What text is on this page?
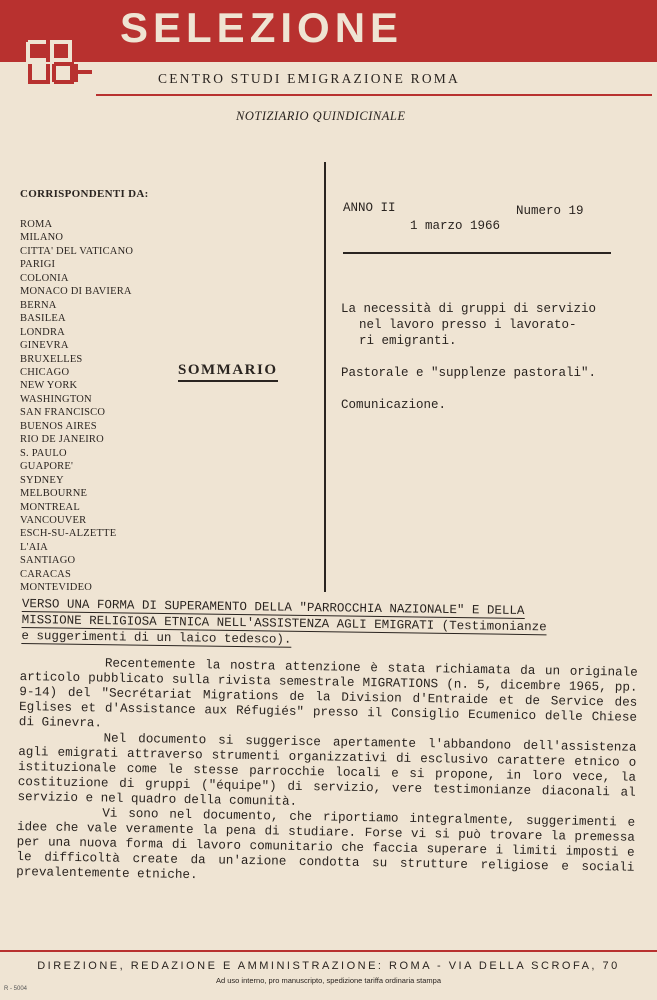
SELEZIONE
CENTRO STUDI EMIGRAZIONE ROMA
NOTIZIARIO QUINDICINALE
CORRISPONDENTI DA:
ROMA
MILANO
CITTA' DEL VATICANO
PARIGI
COLONIA
MONACO DI BAVIERA
BERNA
BASILEA
LONDRA
GINEVRA
BRUXELLES
CHICAGO
NEW YORK
WASHINGTON
SAN FRANCISCO
BUENOS AIRES
RIO DE JANEIRO
S. PAULO
GUAPORE'
SYDNEY
MELBOURNE
MONTREAL
VANCOUVER
ESCH-SU-ALZETTE
L'AIA
SANTIAGO
CARACAS
MONTEVIDEO
SOMMARIO
ANNO II	Numero 19
1 marzo 1966
La necessità di gruppi di servizio
nel lavoro presso i lavorato-
ri emigranti.
Pastorale e "supplenze pastorali".
Comunicazione.
VERSO UNA FORMA DI SUPERAMENTO DELLA "PARROCCHIA NAZIONALE" E DELLA
MISSIONE RELIGIOSA ETNICA NELL'ASSISTENZA AGLI EMIGRATI (Testimonianze
e suggerimenti di un laico tedesco).

Recentemente la nostra attenzione è stata richiamata da un originale articolo pubblicato sulla rivista semestrale MIGRATIONS (n. 5, dicembre 1965, pp. 9-14) del "Secrétariat Migrations de la Division d'Entraide et de Service des Eglises et d'Assistance aux Réfugiés" presso il Consiglio Ecumenico delle Chiese di Ginevra.

Nel documento si suggerisce apertamente l'abbandono dell'assistenza agli emigrati attraverso strumenti organizzativi di esclusivo carattere etnico o istituzionale come le stesse parrocchie locali e si propone, in loro vece, la costituzione di gruppi ("équipe") di servizio, vere testimonianze diaconali al servizio e nel quadro della comunità.

Vi sono nel documento, che riportiamo integralmente, suggerimenti e idee che vale veramente la pena di studiare. Forse vi si può trovare la premessa per una nuova forma di lavoro comunitario che faccia superare i limiti imposti e le difficoltà create da un'azione condotta su strutture religiose e sociali prevalentemente etniche.

DIREZIONE, REDAZIONE E AMMINISTRAZIONE: ROMA - VIA DELLA SCROFA, 70
Ad uso interno, pro manuscripto, spedizione tariffa ordinaria stampa
R - 5004
